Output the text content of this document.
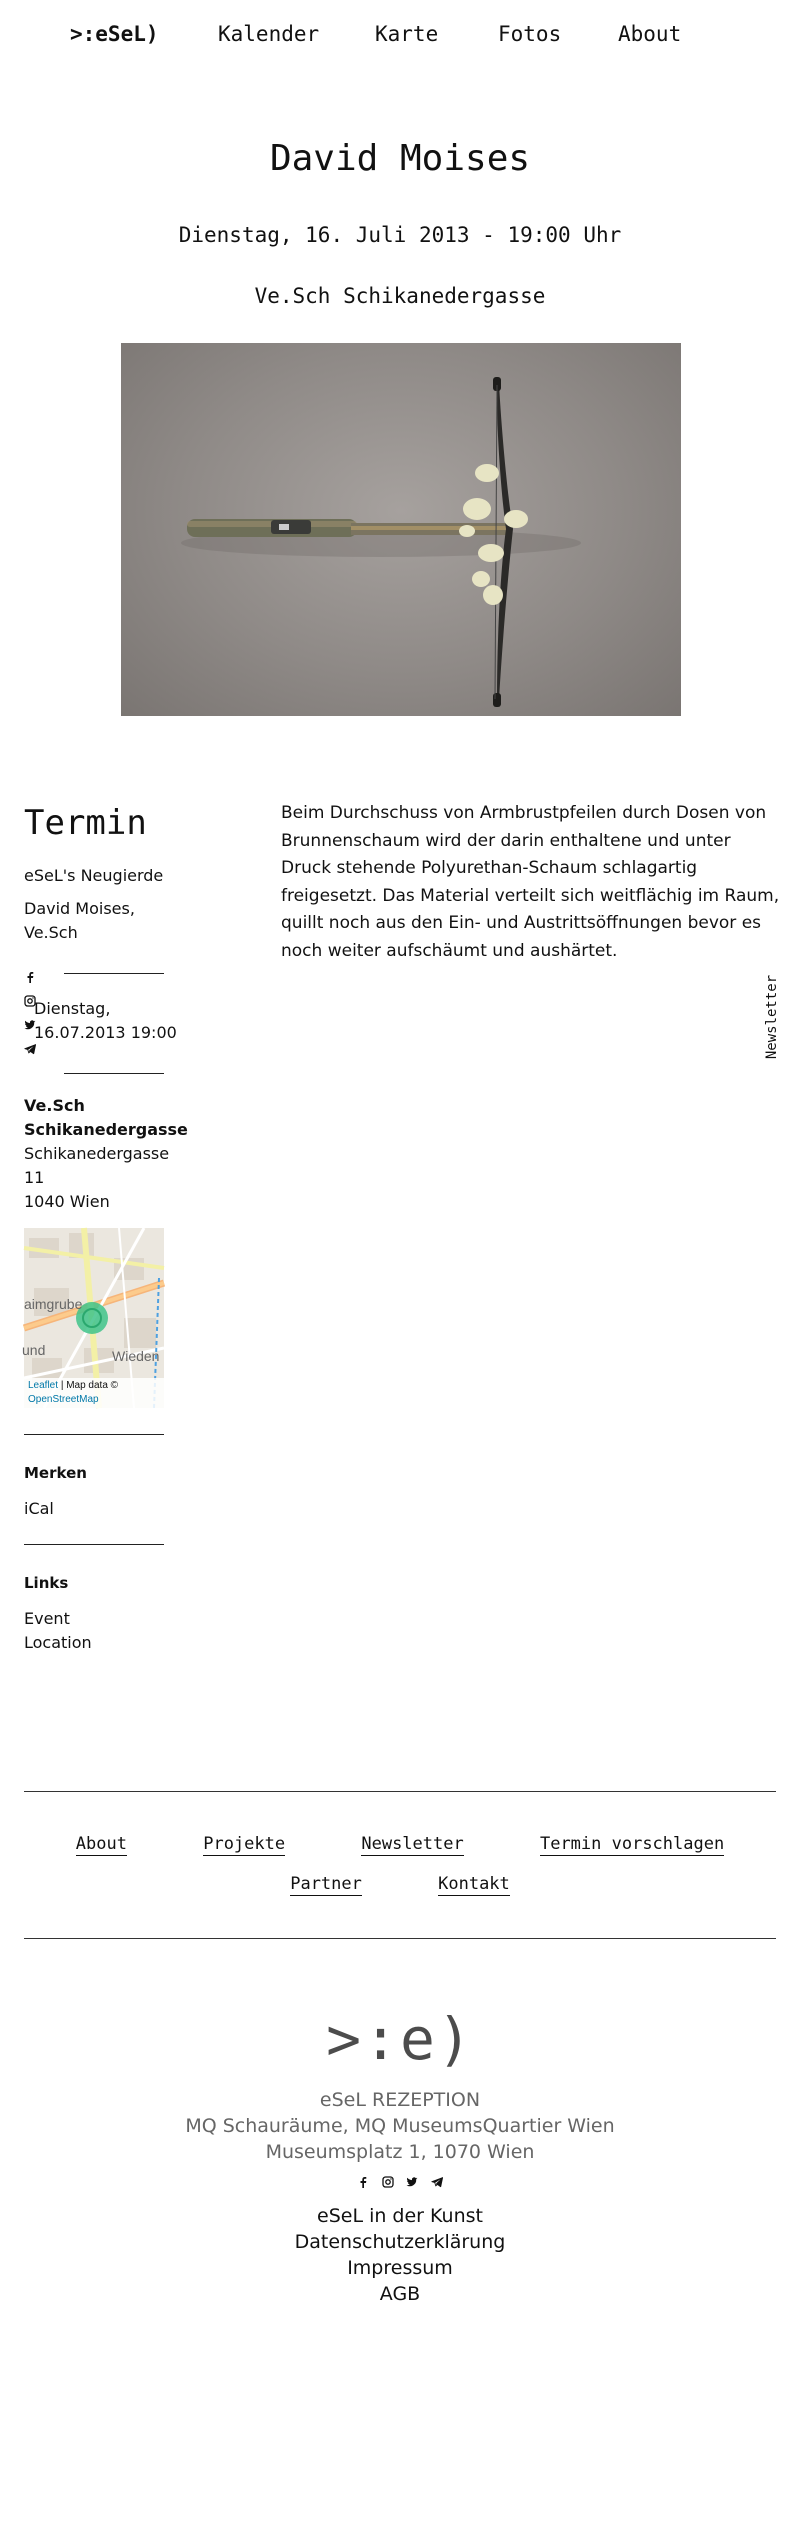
>:eSeL)	Kalender	Karte	Fotos	About
David Moises
Dienstag, 16. Juli 2013 - 19:00 Uhr
Ve.Sch Schikanedergasse
Termin
eSeL's Neugierde
David Moises,
Ve.Sch
Dienstag,
16.07.2013 19:00
Ve.Sch
Schikanedergasse
Schikanedergasse
11
1040 Wien
aimgrube
und	Wieden
Leaflet | Map data ©
OpenStreetMap
Merken
iCal
Links
Event
Location
Beim Durchschuss von Armbrustpfeilen durch Dosen von Brunnenschaum wird der darin enthaltene und unter Druck stehende Polyurethan-Schaum schlagartig freigesetzt. Das Material verteilt sich weitflächig im Raum, quillt noch aus den Ein- und Austrittsöffnungen bevor es noch weiter aufschäumt und aushärtet.
Newsletter
About	Projekte	Newsletter	Termin vorschlagen
Partner	Kontakt
>:e)
eSeL REZEPTION
MQ Schauräume, MQ MuseumsQuartier Wien
Museumsplatz 1, 1070 Wien

eSeL in der Kunst
Datenschutzerklärung
Impressum
AGB
